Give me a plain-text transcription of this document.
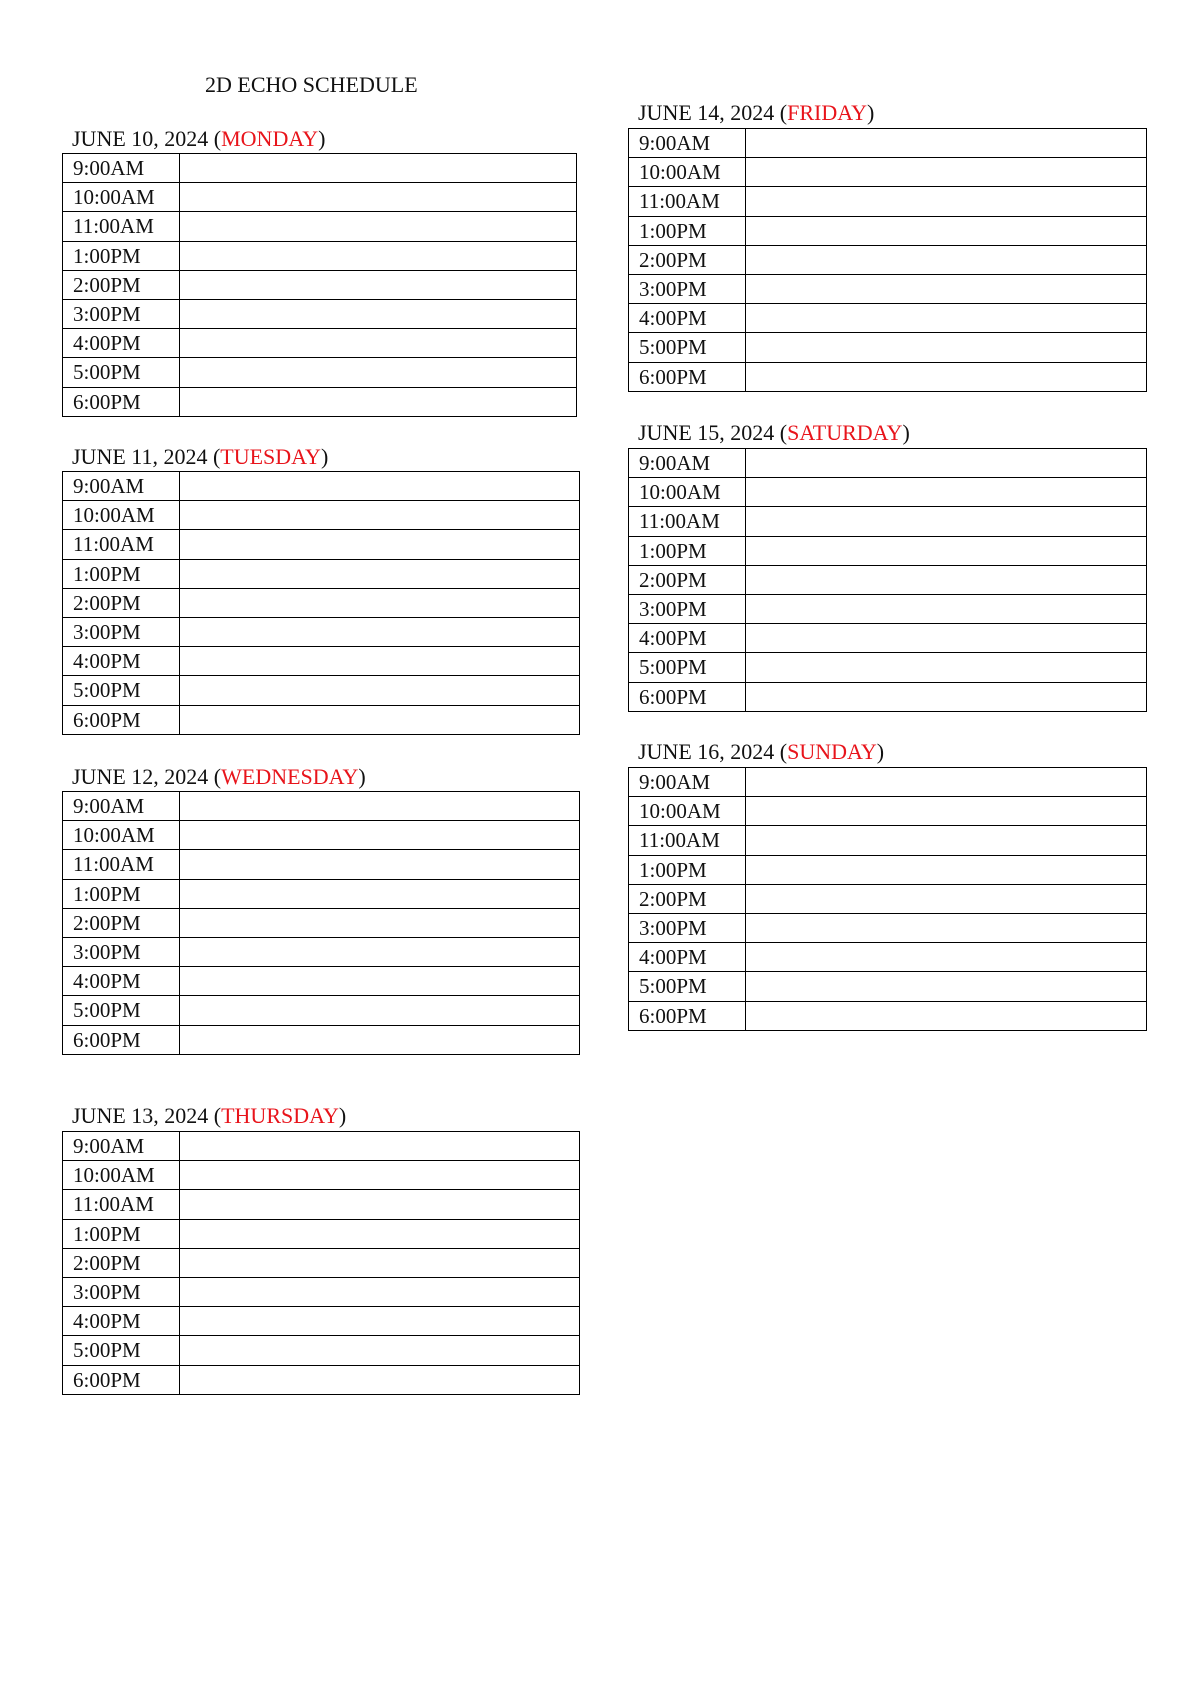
2D ECHO SCHEDULE
JUNE 10, 2024 (MONDAY)
9:00AM	
10:00AM	
11:00AM	
1:00PM	
2:00PM	
3:00PM	
4:00PM	
5:00PM	
6:00PM	
JUNE 11, 2024 (TUESDAY)
9:00AM	
10:00AM	
11:00AM	
1:00PM	
2:00PM	
3:00PM	
4:00PM	
5:00PM	
6:00PM	
JUNE 12, 2024 (WEDNESDAY)
9:00AM	
10:00AM	
11:00AM	
1:00PM	
2:00PM	
3:00PM	
4:00PM	
5:00PM	
6:00PM	
JUNE 13, 2024 (THURSDAY)
9:00AM	
10:00AM	
11:00AM	
1:00PM	
2:00PM	
3:00PM	
4:00PM	
5:00PM	
6:00PM	
JUNE 14, 2024 (FRIDAY)
9:00AM	
10:00AM	
11:00AM	
1:00PM	
2:00PM	
3:00PM	
4:00PM	
5:00PM	
6:00PM	
JUNE 15, 2024 (SATURDAY)
9:00AM	
10:00AM	
11:00AM	
1:00PM	
2:00PM	
3:00PM	
4:00PM	
5:00PM	
6:00PM	
JUNE 16, 2024 (SUNDAY)
9:00AM	
10:00AM	
11:00AM	
1:00PM	
2:00PM	
3:00PM	
4:00PM	
5:00PM	
6:00PM	
